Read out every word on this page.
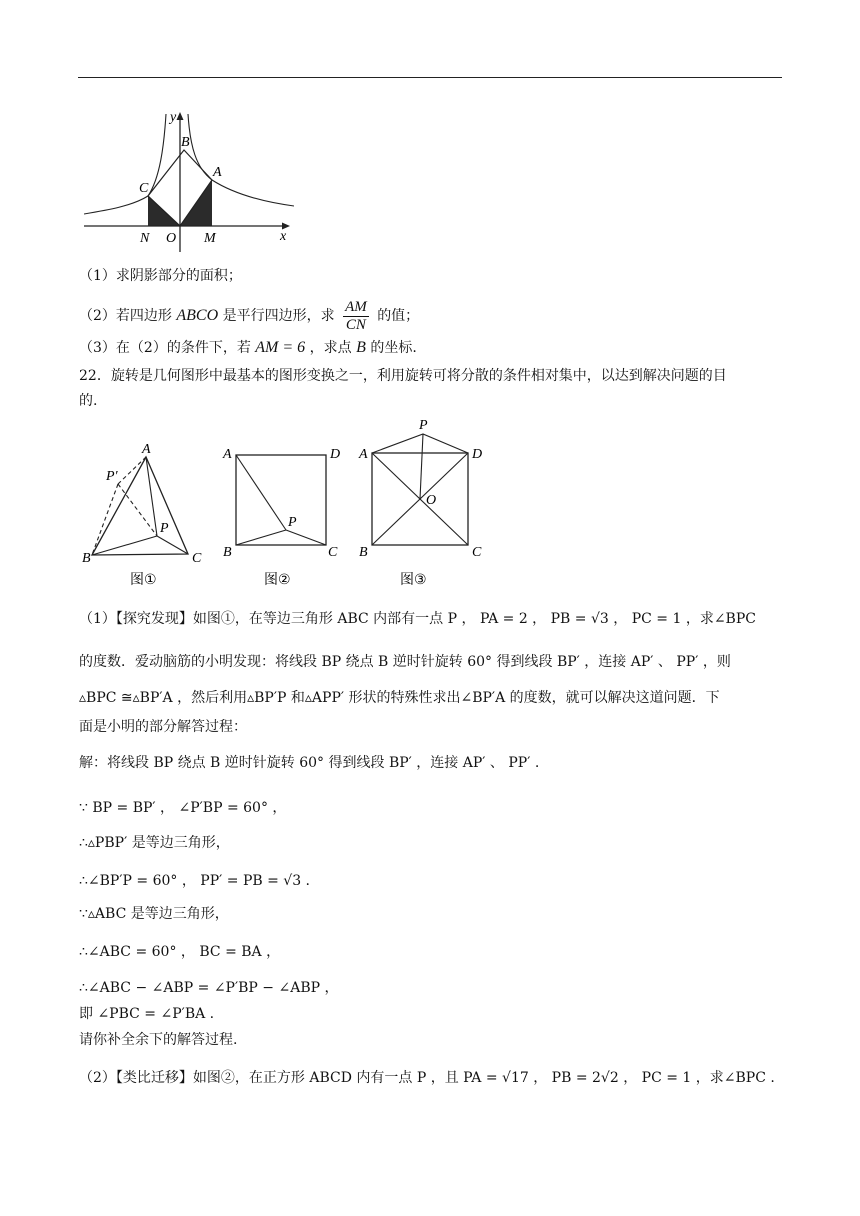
y
x
B
A
C
N O M
（1）求阴影部分的面积；
（2）若四边形 ABCO 是平行四边形，求 $\frac{AM}{CN}$ 的值；
（3）在（2）的条件下，若 AM = 6 ，求点 B 的坐标.
22．旋转是几何图形中最基本的图形变换之一，利用旋转可将分散的条件相对集中，以达到解决问题的目
的.
A
P′
P
B	C
图①
A	D
P
B	C
图②
P
A	D
O
B	C
图③
（1）【探究发现】如图①，在等边三角形 ABC 内部有一点 P ， PA = 2 ， PB = √3 ， PC = 1 ，求∠BPC
的度数．爱动脑筋的小明发现：将线段 BP 绕点 B 逆时针旋转 60° 得到线段 BP′ ，连接 AP′ 、 PP′ ，则
▵BPC ≅▵BP′A ，然后利用▵BP′P 和▵APP′ 形状的特殊性求出∠BP′A 的度数，就可以解决这道问题．下
面是小明的部分解答过程：
解：将线段 BP 绕点 B 逆时针旋转 60° 得到线段 BP′ ，连接 AP′ 、 PP′ .
∵ BP = BP′ ， ∠P′BP = 60° ，
∴▵PBP′ 是等边三角形，
∴∠BP′P = 60° ， PP′ = PB = √3 .
∵▵ABC 是等边三角形，
∴∠ABC = 60° ， BC = BA ，
∴∠ABC − ∠ABP = ∠P′BP − ∠ABP ，
即 ∠PBC = ∠P′BA .
请你补全余下的解答过程.
（2）【类比迁移】如图②，在正方形 ABCD 内有一点 P ，且 PA = √17 ， PB = 2√2 ， PC = 1 ，求∠BPC .
